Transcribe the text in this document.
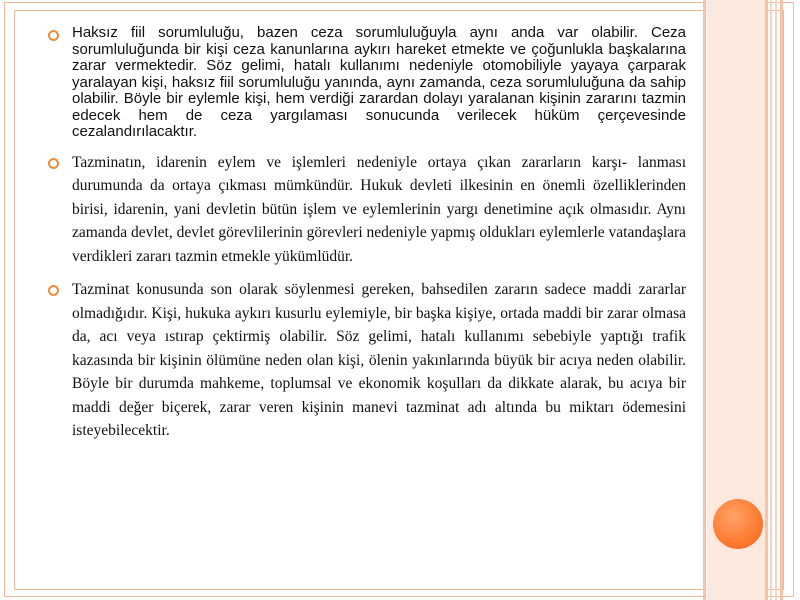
Haksız fiil sorumluluğu, bazen ceza sorumluluğuyla aynı anda var olabilir. Ceza sorumluluğunda bir kişi ceza kanunlarına aykırı hareket etmekte ve çoğunlukla başkalarına zarar vermektedir. Söz gelimi, hatalı kullanımı nedeniyle otomobiliyle yayaya çarparak yaralayan kişi, haksız fiil sorumluluğu yanında, aynı zamanda, ceza sorumluluğuna da sahip olabilir. Böyle bir eylemle kişi, hem verdiği zarardan dolayı yaralanan kişinin zararını tazmin edecek hem de ceza yargılaması sonucunda verilecek hüküm çerçevesinde cezalandırılacaktır.

Tazminatın, idarenin eylem ve işlemleri nedeniyle ortaya çıkan zararların karşı- lanması durumunda da ortaya çıkması mümkündür. Hukuk devleti ilkesinin en önemli özelliklerinden birisi, idarenin, yani devletin bütün işlem ve eylemlerinin yargı denetimine açık olmasıdır. Aynı zamanda devlet, devlet görevlilerinin görevleri nedeniyle yapmış oldukları eylemlerle vatandaşlara verdikleri zararı tazmin etmekle yükümlüdür.

Tazminat konusunda son olarak söylenmesi gereken, bahsedilen zararın sadece maddi zararlar olmadığıdır. Kişi, hukuka aykırı kusurlu eylemiyle, bir başka kişiye, ortada maddi bir zarar olmasa da, acı veya ıstırap çektirmiş olabilir. Söz gelimi, hatalı kullanımı sebebiyle yaptığı trafik kazasında bir kişinin ölümüne neden olan kişi, ölenin yakınlarında büyük bir acıya neden olabilir. Böyle bir durumda mahkeme, toplumsal ve ekonomik koşulları da dikkate alarak, bu acıya bir maddi değer biçerek, zarar veren kişinin manevi tazminat adı altında bu miktarı ödemesini isteyebilecektir.
